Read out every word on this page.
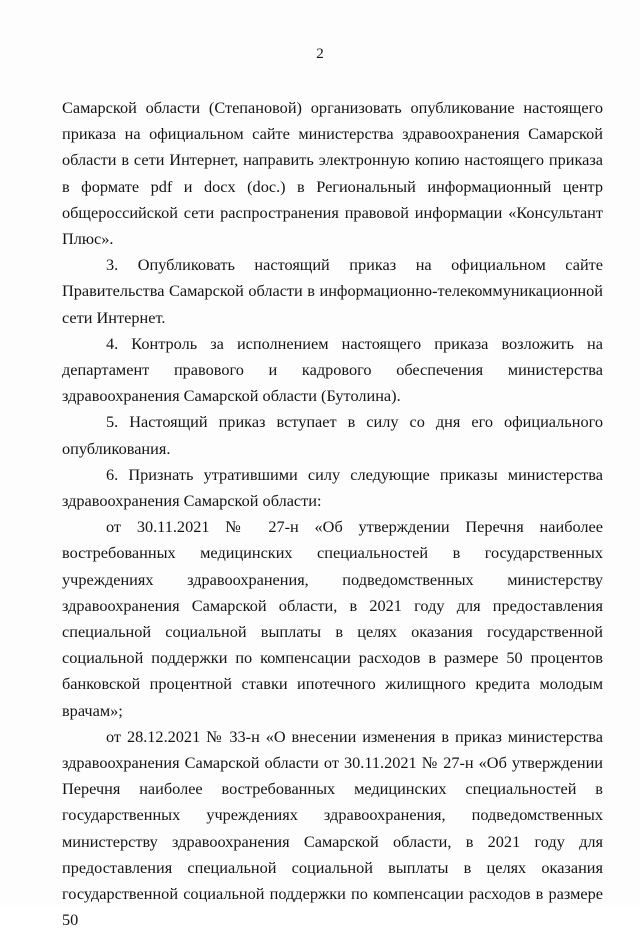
2

Самарской области (Степановой) организовать опубликование настоящего приказа на официальном сайте министерства здравоохранения Самарской области в сети Интернет, направить электронную копию настоящего приказа в формате pdf и docx (doc.) в Региональный информационный центр общероссийской сети распространения правовой информации «Консультант Плюс».

3. Опубликовать настоящий приказ на официальном сайте Правительства Самарской области в информационно-телекоммуникационной сети Интернет.

4. Контроль за исполнением настоящего приказа возложить на департамент правового и кадрового обеспечения министерства здравоохранения Самарской области (Бутолина).

5. Настоящий приказ вступает в силу со дня его официального опубликования.

6. Признать утратившими силу следующие приказы министерства здравоохранения Самарской области:

от 30.11.2021 № 27-н «Об утверждении Перечня наиболее востребованных медицинских специальностей в государственных учреждениях здравоохранения, подведомственных министерству здравоохранения Самарской области, в 2021 году для предоставления специальной социальной выплаты в целях оказания государственной социальной поддержки по компенсации расходов в размере 50 процентов банковской процентной ставки ипотечного жилищного кредита молодым врачам»;

от 28.12.2021 № 33-н «О внесении изменения в приказ министерства здравоохранения Самарской области от 30.11.2021 № 27-н «Об утверждении Перечня наиболее востребованных медицинских специальностей в государственных учреждениях здравоохранения, подведомственных министерству здравоохранения Самарской области, в 2021 году для предоставления специальной социальной выплаты в целях оказания государственной социальной поддержки по компенсации расходов в размере 50
